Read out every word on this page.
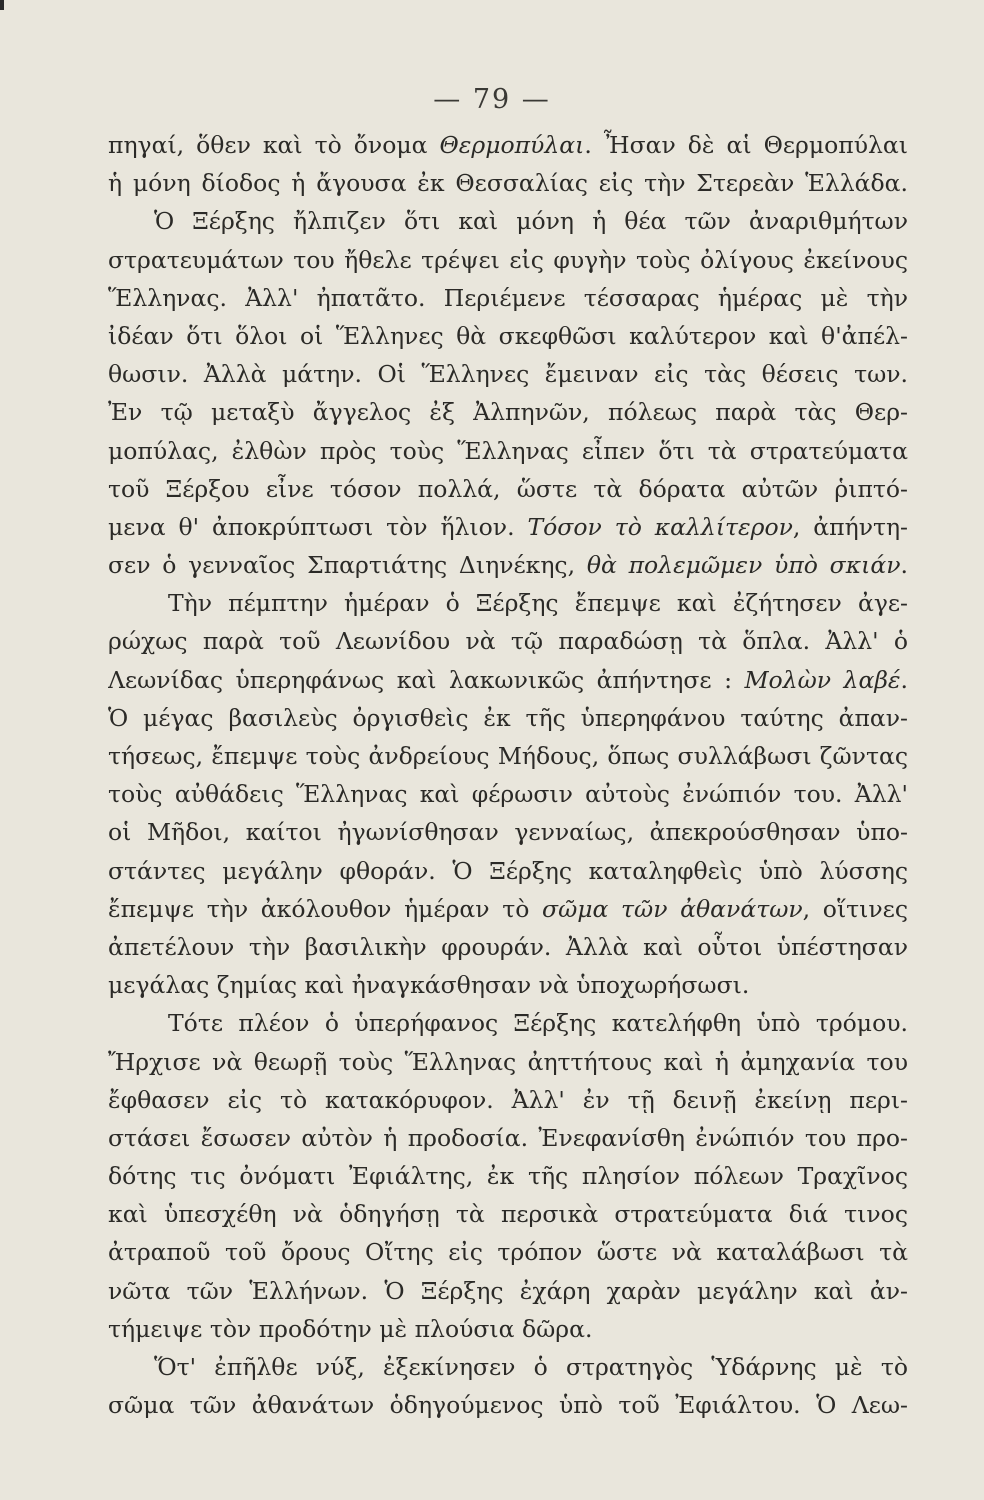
— 79 —
πηγαί, ὅθεν καὶ τὸ ὄνομα Θερμοπύλαι. Ἦσαν δὲ αἱ Θερμοπύλαι
ἡ μόνη δίοδος ἡ ἄγουσα ἐκ Θεσσαλίας εἰς τὴν Στερεὰν Ἑλλάδα.
Ὁ Ξέρξης ἤλπιζεν ὅτι καὶ μόνη ἡ θέα τῶν ἀναριθμήτων
στρατευμάτων του ἤθελε τρέψει εἰς φυγὴν τοὺς ὀλίγους ἐκείνους
Ἕλληνας. Ἀλλ' ἠπατᾶτο. Περιέμενε τέσσαρας ἡμέρας μὲ τὴν
ἰδέαν ὅτι ὅλοι οἱ Ἕλληνες θὰ σκεφθῶσι καλύτερον καὶ θ'ἀπέλ-
θωσιν. Ἀλλὰ μάτην. Οἱ Ἕλληνες ἔμειναν εἰς τὰς θέσεις των.
Ἐν τῷ μεταξὺ ἄγγελος ἐξ Ἀλπηνῶν, πόλεως παρὰ τὰς Θερ-
μοπύλας, ἐλθὼν πρὸς τοὺς Ἕλληνας εἶπεν ὅτι τὰ στρατεύματα
τοῦ Ξέρξου εἶνε τόσον πολλά, ὥστε τὰ δόρατα αὐτῶν ῥιπτό-
μενα θ' ἀποκρύπτωσι τὸν ἥλιον. Τόσον τὸ καλλίτερον, ἀπήντη-
σεν ὁ γενναῖος Σπαρτιάτης Διηνέκης, θὰ πολεμῶμεν ὑπὸ σκιάν.
Τὴν πέμπτην ἡμέραν ὁ Ξέρξης ἔπεμψε καὶ ἐζήτησεν ἀγε-
ρώχως παρὰ τοῦ Λεωνίδου νὰ τῷ παραδώσῃ τὰ ὅπλα. Ἀλλ' ὁ
Λεωνίδας ὑπερηφάνως καὶ λακωνικῶς ἀπήντησε : Μολὼν λαβέ.
Ὁ μέγας βασιλεὺς ὀργισθεὶς ἐκ τῆς ὑπερηφάνου ταύτης ἀπαν-
τήσεως, ἔπεμψε τοὺς ἀνδρείους Μήδους, ὅπως συλλάβωσι ζῶντας
τοὺς αὐθάδεις Ἕλληνας καὶ φέρωσιν αὐτοὺς ἐνώπιόν του. Ἀλλ'
οἱ Μῆδοι, καίτοι ἠγωνίσθησαν γενναίως, ἀπεκρούσθησαν ὑπο-
στάντες μεγάλην φθοράν. Ὁ Ξέρξης καταληφθεὶς ὑπὸ λύσσης
ἔπεμψε τὴν ἀκόλουθον ἡμέραν τὸ σῶμα τῶν ἀθανάτων, οἵτινες
ἀπετέλουν τὴν βασιλικὴν φρουράν. Ἀλλὰ καὶ οὗτοι ὑπέστησαν
μεγάλας ζημίας καὶ ἠναγκάσθησαν νὰ ὑποχωρήσωσι.
Τότε πλέον ὁ ὑπερήφανος Ξέρξης κατελήφθη ὑπὸ τρόμου.
Ἤρχισε νὰ θεωρῇ τοὺς Ἕλληνας ἀηττήτους καὶ ἡ ἀμηχανία του
ἔφθασεν εἰς τὸ κατακόρυφον. Ἀλλ' ἐν τῇ δεινῇ ἐκείνῃ περι-
στάσει ἔσωσεν αὐτὸν ἡ προδοσία. Ἐνεφανίσθη ἐνώπιόν του προ-
δότης τις ὀνόματι Ἐφιάλτης, ἐκ τῆς πλησίον πόλεων Τραχῖνος
καὶ ὑπεσχέθη νὰ ὁδηγήσῃ τὰ περσικὰ στρατεύματα διά τινος
ἀτραποῦ τοῦ ὄρους Οἴτης εἰς τρόπον ὥστε νὰ καταλάβωσι τὰ
νῶτα τῶν Ἑλλήνων. Ὁ Ξέρξης ἐχάρη χαρὰν μεγάλην καὶ ἀν-
τήμειψε τὸν προδότην μὲ πλούσια δῶρα.
Ὅτ' ἐπῆλθε νύξ, ἐξεκίνησεν ὁ στρατηγὸς Ὑδάρνης μὲ τὸ
σῶμα τῶν ἀθανάτων ὁδηγούμενος ὑπὸ τοῦ Ἐφιάλτου. Ὁ Λεω-
